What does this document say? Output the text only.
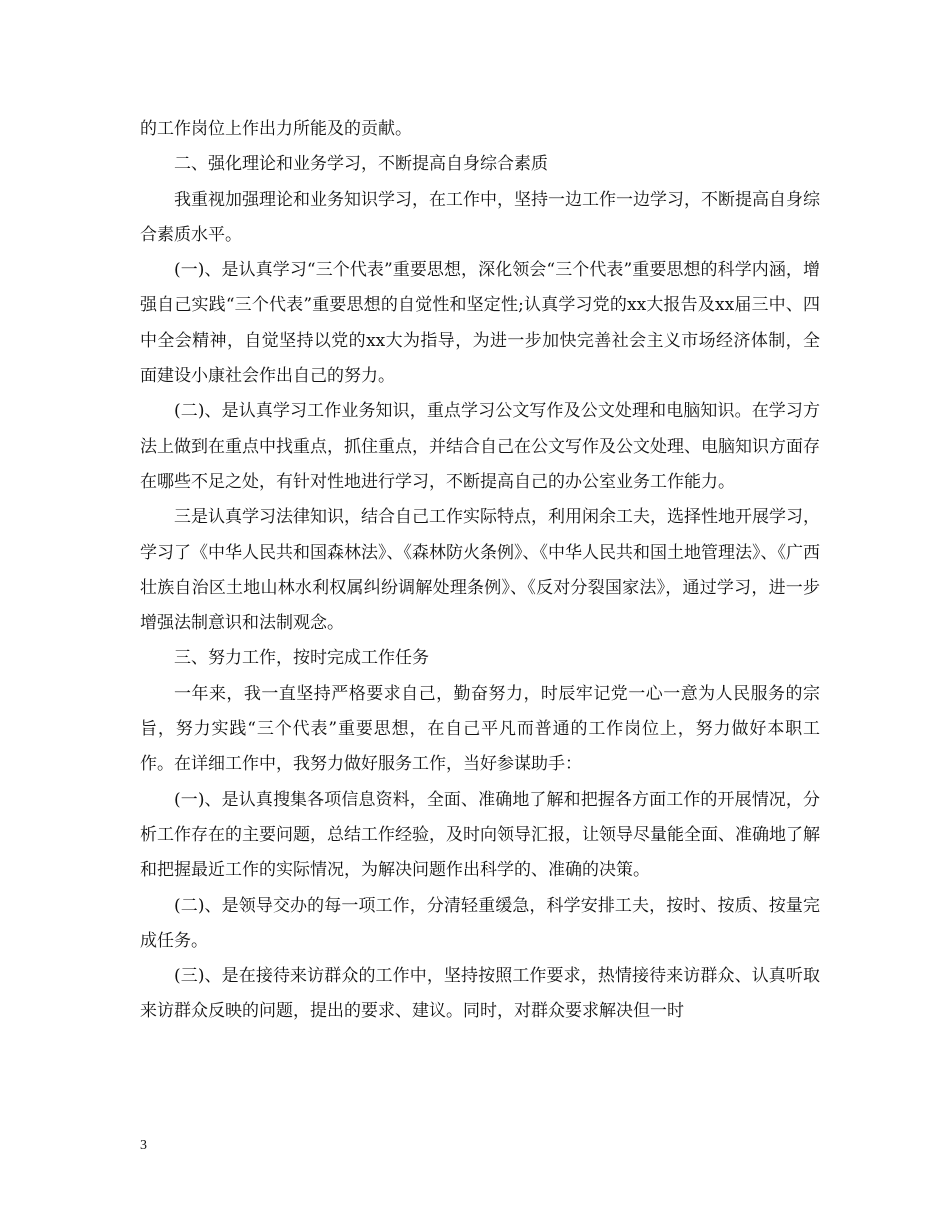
的工作岗位上作出力所能及的贡献。

二、强化理论和业务学习，不断提高自身综合素质

我重视加强理论和业务知识学习，在工作中，坚持一边工作一边学习，不断提高自身综合素质水平。

(一)、是认真学习“三个代表”重要思想，深化领会“三个代表”重要思想的科学内涵，增强自己实践“三个代表”重要思想的自觉性和坚定性;认真学习党的xx大报告及xx届三中、四中全会精神，自觉坚持以党的xx大为指导，为进一步加快完善社会主义市场经济体制，全面建设小康社会作出自己的努力。

(二)、是认真学习工作业务知识，重点学习公文写作及公文处理和电脑知识。在学习方法上做到在重点中找重点，抓住重点，并结合自己在公文写作及公文处理、电脑知识方面存在哪些不足之处，有针对性地进行学习，不断提高自己的办公室业务工作能力。

三是认真学习法律知识，结合自己工作实际特点，利用闲余工夫，选择性地开展学习，学习了《中华人民共和国森林法》、《森林防火条例》、《中华人民共和国土地管理法》、《广西壮族自治区土地山林水利权属纠纷调解处理条例》、《反对分裂国家法》，通过学习，进一步增强法制意识和法制观念。

三、努力工作，按时完成工作任务

一年来，我一直坚持严格要求自己，勤奋努力，时辰牢记党一心一意为人民服务的宗旨，努力实践“三个代表”重要思想，在自己平凡而普通的工作岗位上，努力做好本职工作。在详细工作中，我努力做好服务工作，当好参谋助手：

(一)、是认真搜集各项信息资料，全面、准确地了解和把握各方面工作的开展情况，分析工作存在的主要问题，总结工作经验，及时向领导汇报，让领导尽量能全面、准确地了解和把握最近工作的实际情况，为解决问题作出科学的、准确的决策。

(二)、是领导交办的每一项工作，分清轻重缓急，科学安排工夫，按时、按质、按量完成任务。

(三)、是在接待来访群众的工作中，坚持按照工作要求，热情接待来访群众、认真听取来访群众反映的问题，提出的要求、建议。同时，对群众要求解决但一时

3
